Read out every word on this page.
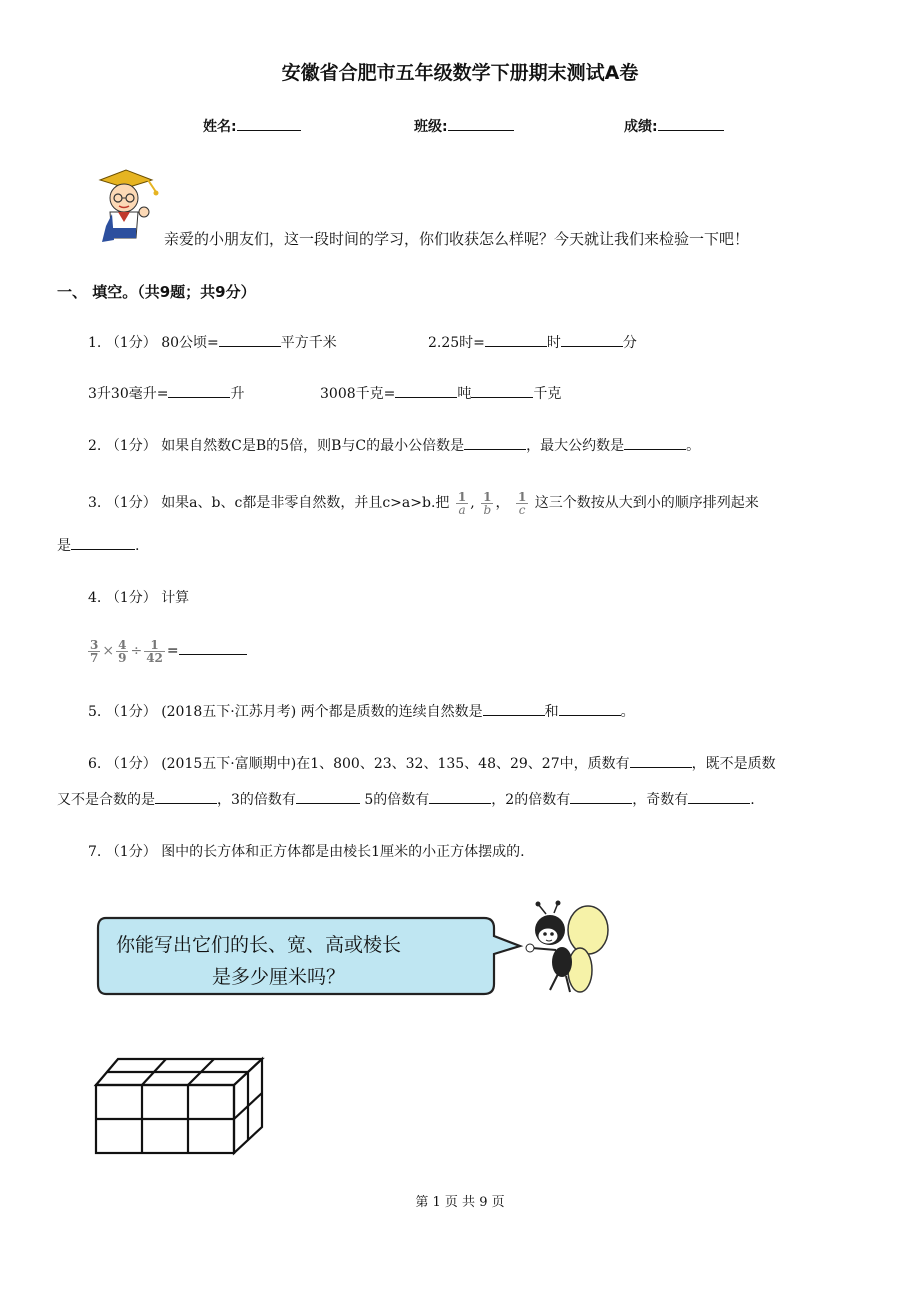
安徽省合肥市五年级数学下册期末测试A卷
姓名:	班级:	成绩:
亲爱的小朋友们，这一段时间的学习，你们收获怎么样呢？今天就让我们来检验一下吧！
一、 填空。（共9题；共9分）
1. （1分） 80公顷=	平方千米	2.25时=	时	分
3升30毫升=	升	3008千克=	吨	千克
2. （1分） 如果自然数C是B的5倍，则B与C的最小公倍数是	，最大公约数是	。
3. （1分） 如果a、b、c都是非零自然数，并且c>a>b.把 $\frac{1}{a}$ , $\frac{1}{b}$ ， $\frac{1}{c}$ 这三个数按从大到小的顺序排列起来
是	.
4. （1分） 计算
$\frac{3}{7} \times \frac{4}{9} \div \frac{1}{42}$ =
5. （1分） (2018五下·江苏月考) 两个都是质数的连续自然数是	和	。
6. （1分） (2015五下·富顺期中)在1、800、23、32、135、48、29、27中，质数有	，既不是质数
又不是合数的是	，3的倍数有	5的倍数有	，2的倍数有	，奇数有	.
7. （1分） 图中的长方体和正方体都是由棱长1厘米的小正方体摆成的.
你能写出它们的长、宽、高或棱长
是多少厘米吗？
第 1 页 共 9 页
